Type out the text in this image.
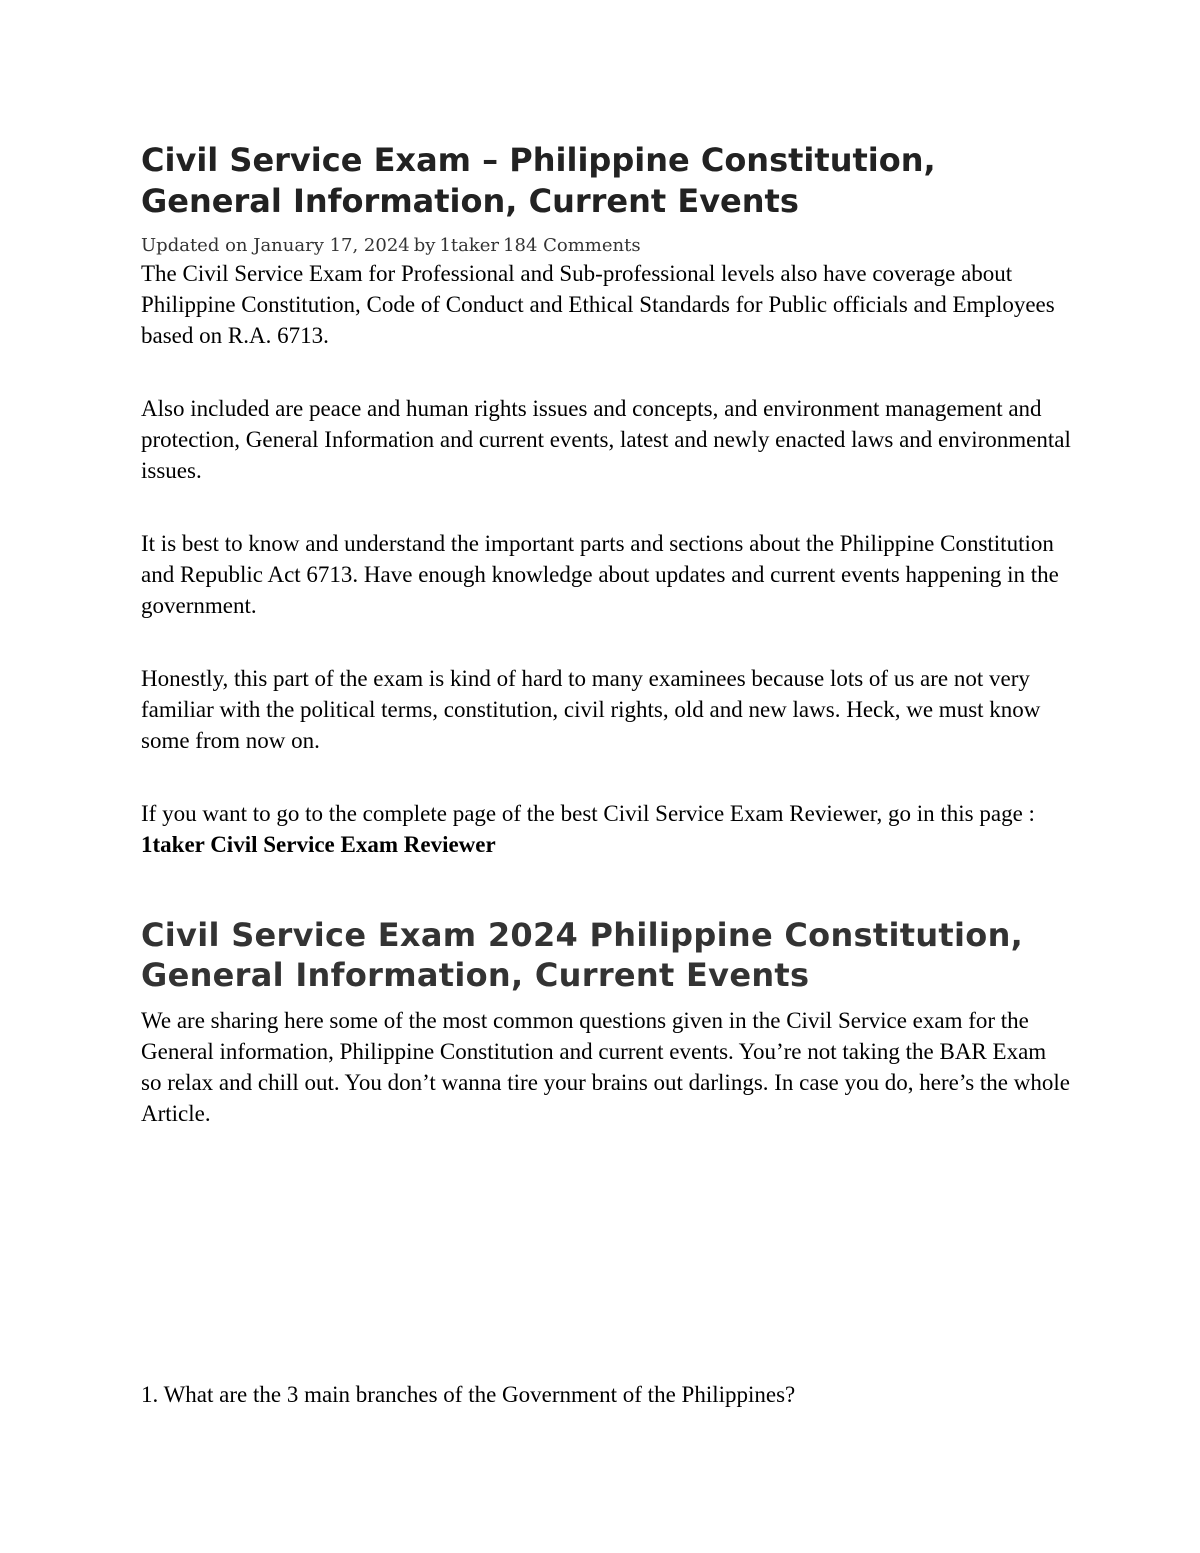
Civil Service Exam – Philippine Constitution, General Information, Current Events
Updated on January 17, 2024 by 1taker 184 Comments

The Civil Service Exam for Professional and Sub-professional levels also have coverage about Philippine Constitution, Code of Conduct and Ethical Standards for Public officials and Employees based on R.A. 6713.

Also included are peace and human rights issues and concepts, and environment management and protection, General Information and current events, latest and newly enacted laws and environmental issues.

It is best to know and understand the important parts and sections about the Philippine Constitution and Republic Act 6713. Have enough knowledge about updates and current events happening in the government.

Honestly, this part of the exam is kind of hard to many examinees because lots of us are not very familiar with the political terms, constitution, civil rights, old and new laws. Heck, we must know some from now on.

If you want to go to the complete page of the best Civil Service Exam Reviewer, go in this page : 1taker Civil Service Exam Reviewer

Civil Service Exam 2024 Philippine Constitution, General Information, Current Events

We are sharing here some of the most common questions given in the Civil Service exam for the General information, Philippine Constitution and current events. You’re not taking the BAR Exam so relax and chill out. You don’t wanna tire your brains out darlings. In case you do, here’s the whole Article.

1. What are the 3 main branches of the Government of the Philippines?
